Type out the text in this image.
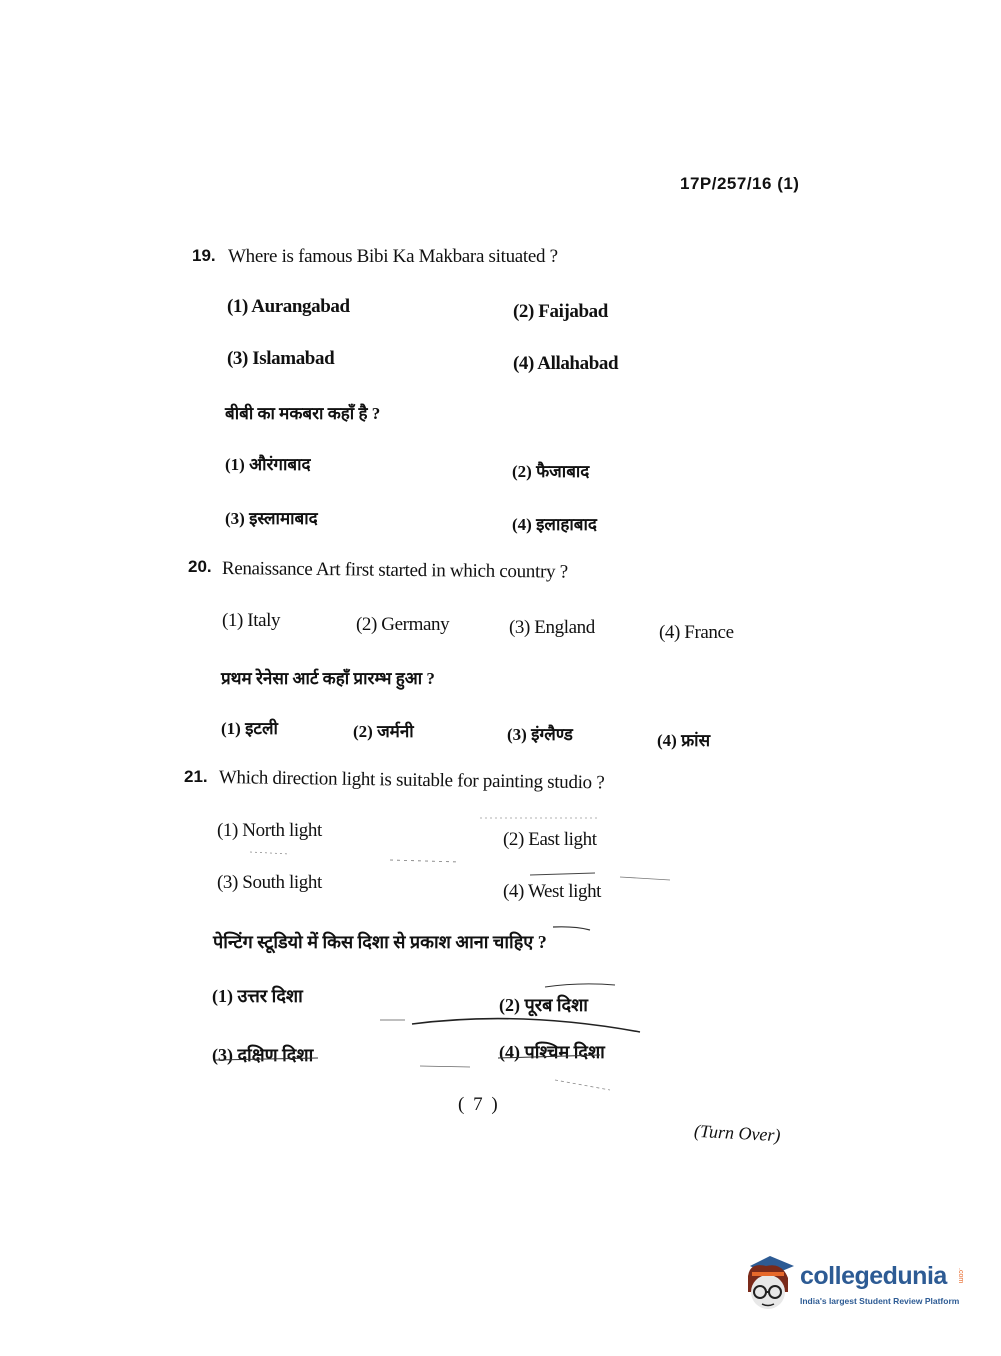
17P/257/16 (1)
19. Where is famous Bibi Ka Makbara situated ?
(1) Aurangabad	(2) Faijabad
(3) Islamabad	(4) Allahabad
बीबी का मकबरा कहाँ है ?
(1) औरंगाबाद	(2) फैजाबाद
(3) इस्लामाबाद	(4) इलाहाबाद
20. Renaissance Art first started in which country ?
(1) Italy	(2) Germany	(3) England	(4) France
प्रथम रेनेसा आर्ट कहाँ प्रारम्भ हुआ ?
(1) इटली	(2) जर्मनी	(3) इंग्लैण्ड	(4) फ्रांस
21. Which direction light is suitable for painting studio ?
(1) North light	(2) East light
(3) South light	(4) West light
पेन्टिंग स्टूडियो में किस दिशा से प्रकाश आना चाहिए ?
(1) उत्तर दिशा	(2) पूरब दिशा
(3) दक्षिण दिशा	(4) पश्चिम दिशा
( 7 )
(Turn Over)
collegedunia .com
India's largest Student Review Platform
